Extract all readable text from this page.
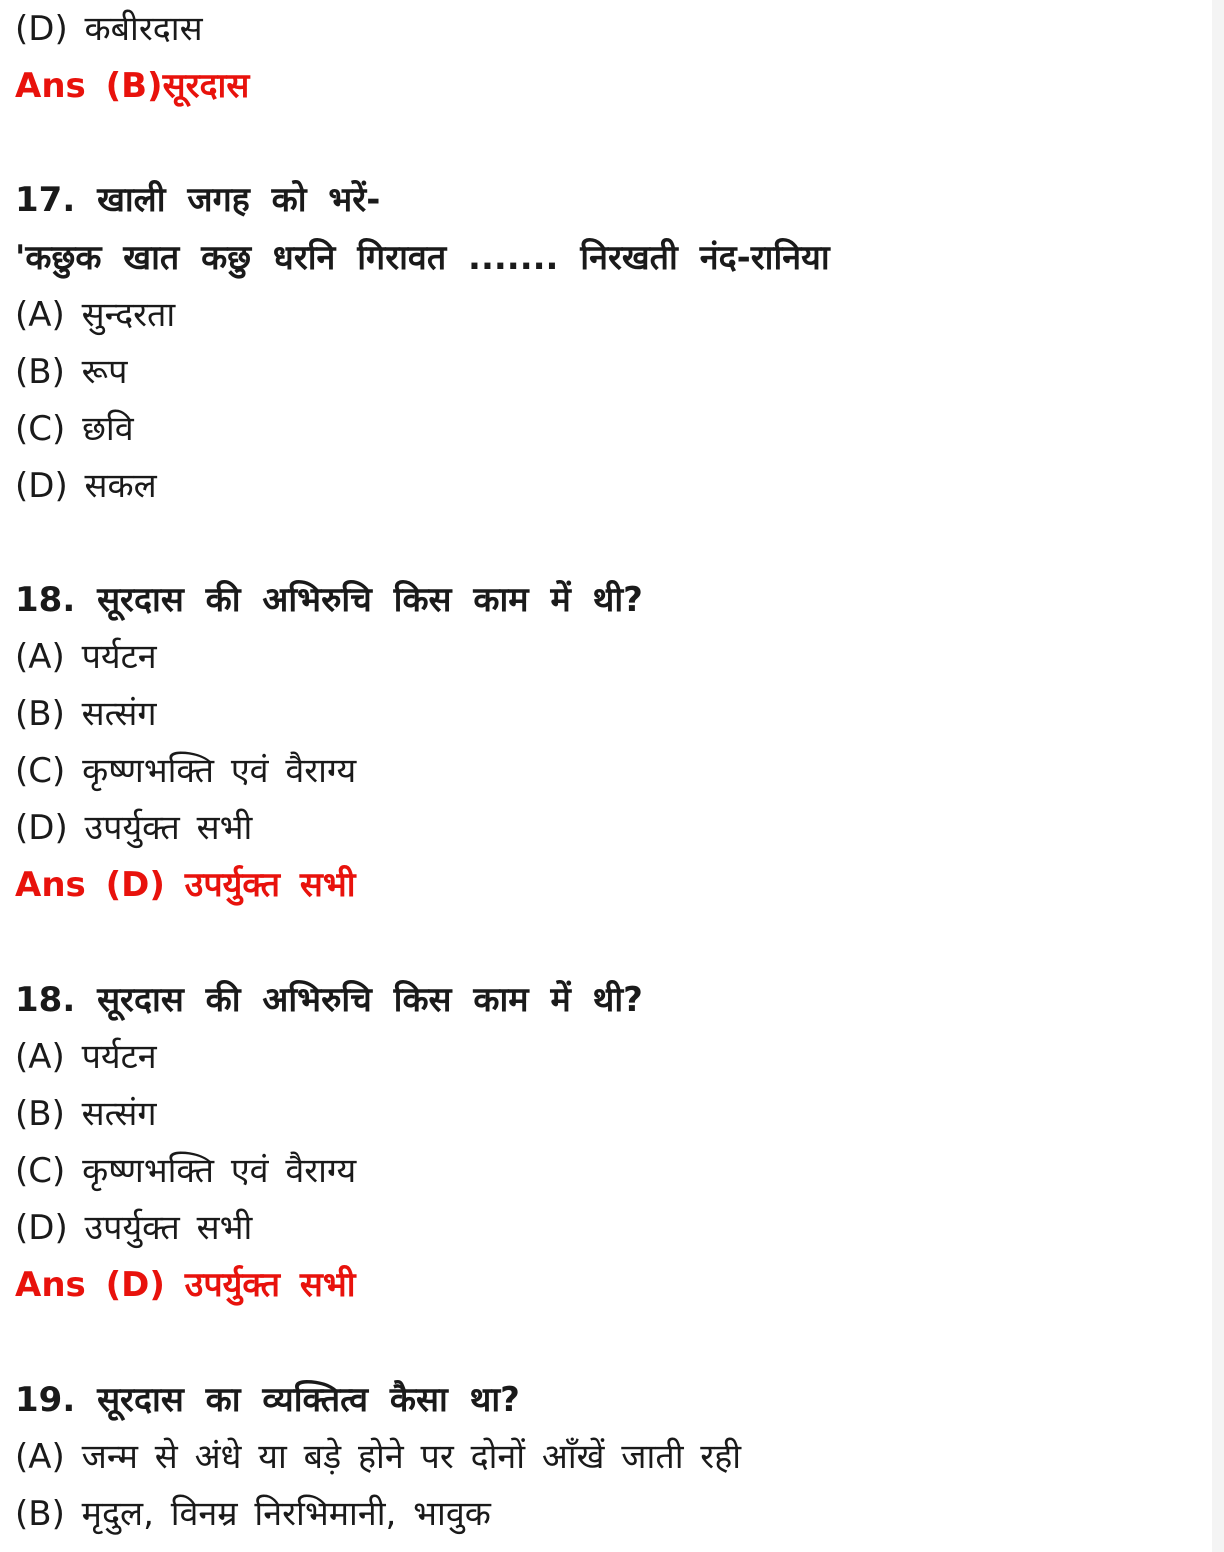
(D) कबीरदास
Ans (B)सूरदास
17. खाली जगह को भरें-
'कछुक खात कछु धरनि गिरावत ....... निरखती नंद-रानिया
(A) सुन्दरता
(B) रूप
(C) छवि
(D) सकल
18. सूरदास की अभिरुचि किस काम में थी?
(A) पर्यटन
(B) सत्संग
(C) कृष्णभक्ति एवं वैराग्य
(D) उपर्युक्त सभी
Ans (D) उपर्युक्त सभी
18. सूरदास की अभिरुचि किस काम में थी?
(A) पर्यटन
(B) सत्संग
(C) कृष्णभक्ति एवं वैराग्य
(D) उपर्युक्त सभी
Ans (D) उपर्युक्त सभी
19. सूरदास का व्यक्तित्व कैसा था?
(A) जन्म से अंधे या बड़े होने पर दोनों आँखें जाती रही
(B) मृदुल, विनम्र निरभिमानी, भावुक
